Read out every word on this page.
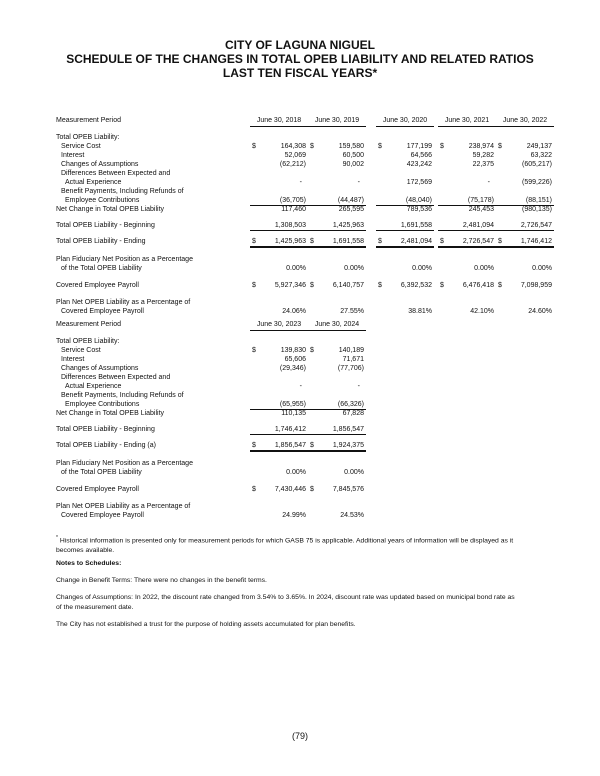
CITY OF LAGUNA NIGUEL
SCHEDULE OF THE CHANGES IN TOTAL OPEB LIABILITY AND RELATED RATIOS
LAST TEN FISCAL YEARS*
Measurement Period	June 30, 2018	June 30, 2019	June 30, 2020	June 30, 2021	June 30, 2022
Total OPEB Liability:
Service Cost	$	164,308 $	159,580 $	177,199 $	238,974 $	249,137
Interest	52,069	60,500	64,566	59,282	63,322
Changes of Assumptions	(62,212)	90,002	423,242	22,375	(605,217)
Differences Between Expected and
Actual Experience	-	-	172,569	-	(599,226)
Benefit Payments, Including Refunds of
Employee Contributions	(36,705)	(44,487)	(48,040)	(75,178)	(88,151)
Net Change in Total OPEB Liability	117,460	265,595	789,536	245,453	(980,135)
Total OPEB Liability - Beginning	1,308,503	1,425,963	1,691,558	2,481,094	2,726,547
Total OPEB Liability - Ending	$	1,425,963 $	1,691,558 $	2,481,094 $	2,726,547 $	1,746,412
Plan Fiduciary Net Position as a Percentage
of the Total OPEB Liability	0.00%	0.00%	0.00%	0.00%	0.00%
Covered Employee Payroll	$	5,927,346 $	6,140,757 $	6,392,532 $	6,476,418 $	7,098,959
Plan Net OPEB Liability as a Percentage of
Covered Employee Payroll	24.06%	27.55%	38.81%	42.10%	24.60%
Measurement Period	June 30, 2023	June 30, 2024
Total OPEB Liability:
Service Cost	$	139,830 $	140,189
Interest	65,606	71,671
Changes of Assumptions	(29,346)	(77,706)
Differences Between Expected and
Actual Experience	-	-
Benefit Payments, Including Refunds of
Employee Contributions	(65,955)	(66,326)
Net Change in Total OPEB Liability	110,135	67,828
Total OPEB Liability - Beginning	1,746,412	1,856,547
Total OPEB Liability - Ending (a)	$	1,856,547 $	1,924,375
Plan Fiduciary Net Position as a Percentage
of the Total OPEB Liability	0.00%	0.00%
Covered Employee Payroll	$	7,430,446 $	7,845,576
Plan Net OPEB Liability as a Percentage of
Covered Employee Payroll	24.99%	24.53%
* Historical information is presented only for measurement periods for which GASB 75 is applicable. Additional years of information will be displayed as it becomes available.
Notes to Schedules:
Change in Benefit Terms: There were no changes in the benefit terms.
Changes of Assumptions: In 2022, the discount rate changed from 3.54% to 3.65%. In 2024, discount rate was updated based on municipal bond rate as of the measurement date.
The City has not established a trust for the purpose of holding assets accumulated for plan benefits.
(79)
